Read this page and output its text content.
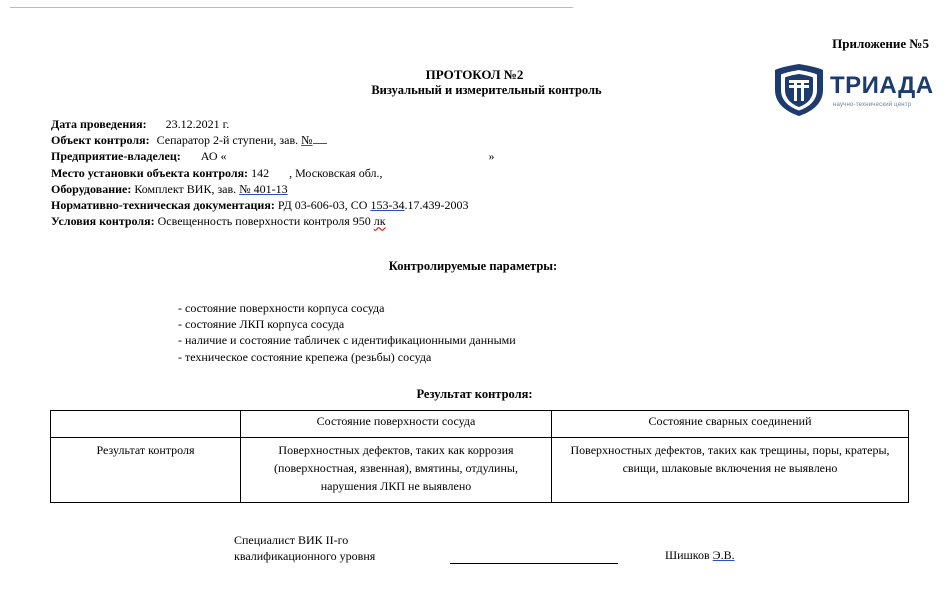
Приложение №5
ТРИАДА
научно-технический центр
ПРОТОКОЛ №2
Визуальный и измерительный контроль
Дата проведения: 23.12.2021 г.
Объект контроля: Сепаратор 2-й ступени, зав. №
Предприятие-владелец: АО «	»
Место установки объекта контроля: 142 , Московская обл.,
Оборудование: Комплект ВИК, зав. № 401-13
Нормативно-техническая документация: РД 03-606-03, СО 153-34.17.439-2003
Условия контроля: Освещенность поверхности контроля 950 лк
Контролируемые параметры:
- состояние поверхности корпуса сосуда
- состояние ЛКП корпуса сосуда
- наличие и состояние табличек с идентификационными данными
- техническое состояние крепежа (резьбы) сосуда
Результат контроля:
	Состояние поверхности сосуда	Состояние сварных соединений
Результат контроля	Поверхностных дефектов, таких как коррозия (поверхностная, язвенная), вмятины, отдулины, нарушения ЛКП не выявлено	Поверхностных дефектов, таких как трещины, поры, кратеры, свищи, шлаковые включения не выявлено
Специалист ВИК II-го
квалификационного уровня	Шишков Э.В.
